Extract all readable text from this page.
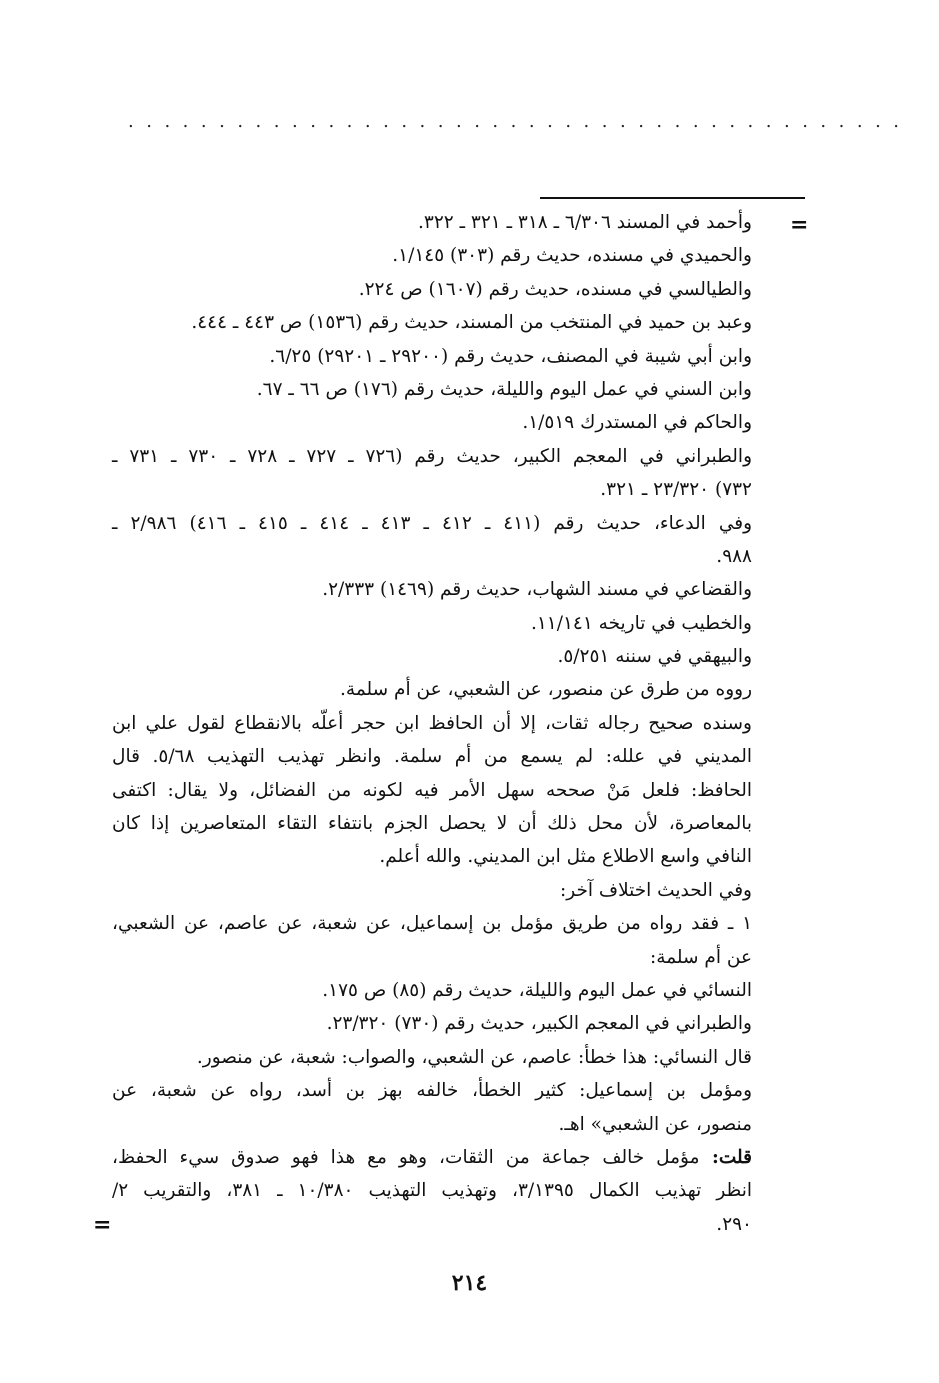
...........................................
=
وأحمد في المسند ٦/٣٠٦ ـ ٣١٨ ـ ٣٢١ ـ ٣٢٢.
والحميدي في مسنده، حديث رقم (٣٠٣) ١/١٤٥.
والطيالسي في مسنده، حديث رقم (١٦٠٧) ص ٢٢٤.
وعبد بن حميد في المنتخب من المسند، حديث رقم (١٥٣٦) ص ٤٤٣ ـ ٤٤٤.
وابن أبي شيبة في المصنف، حديث رقم (٢٩٢٠٠ ـ ٢٩٢٠١) ٦/٢٥.
وابن السني في عمل اليوم والليلة، حديث رقم (١٧٦) ص ٦٦ ـ ٦٧.
والحاكم في المستدرك ١/٥١٩.
والطبراني في المعجم الكبير، حديث رقم (٧٢٦ ـ ٧٢٧ ـ ٧٢٨ ـ ٧٣٠ ـ ٧٣١ ـ
٧٣٢) ٢٣/٣٢٠ ـ ٣٢١.
وفي الدعاء، حديث رقم (٤١١ ـ ٤١٢ ـ ٤١٣ ـ ٤١٤ ـ ٤١٥ ـ ٤١٦) ٢/٩٨٦ ـ
٩٨٨.
والقضاعي في مسند الشهاب، حديث رقم (١٤٦٩) ٢/٣٣٣.
والخطيب في تاريخه ١١/١٤١.
والبيهقي في سننه ٥/٢٥١.
رووه من طرق عن منصور، عن الشعبي، عن أم سلمة.
وسنده صحيح رجاله ثقات، إلا أن الحافظ ابن حجر أعلّه بالانقطاع لقول علي ابن
المديني في علله: لم يسمع من أم سلمة. وانظر تهذيب التهذيب ٥/٦٨. قال
الحافظ: فلعل مَنْ صححه سهل الأمر فيه لكونه من الفضائل، ولا يقال: اكتفى
بالمعاصرة، لأن محل ذلك أن لا يحصل الجزم بانتفاء التقاء المتعاصرين إذا كان
النافي واسع الاطلاع مثل ابن المديني. والله أعلم.
وفي الحديث اختلاف آخر:
١ ـ فقد رواه من طريق مؤمل بن إسماعيل، عن شعبة، عن عاصم، عن الشعبي،
عن أم سلمة:
النسائي في عمل اليوم والليلة، حديث رقم (٨٥) ص ١٧٥.
والطبراني في المعجم الكبير، حديث رقم (٧٣٠) ٢٣/٣٢٠.
قال النسائي: هذا خطأ: عاصم، عن الشعبي، والصواب: شعبة، عن منصور.
ومؤمل بن إسماعيل: كثير الخطأ، خالفه بهز بن أسد، رواه عن شعبة، عن
منصور، عن الشعبي» اهـ.
قلت: مؤمل خالف جماعة من الثقات، وهو مع هذا فهو صدوق سيء الحفظ،
انظر تهذيب الكمال ٣/١٣٩٥، وتهذيب التهذيب ١٠/٣٨٠ ـ ٣٨١، والتقريب ٢/
٢٩٠.
=
٢١٤
